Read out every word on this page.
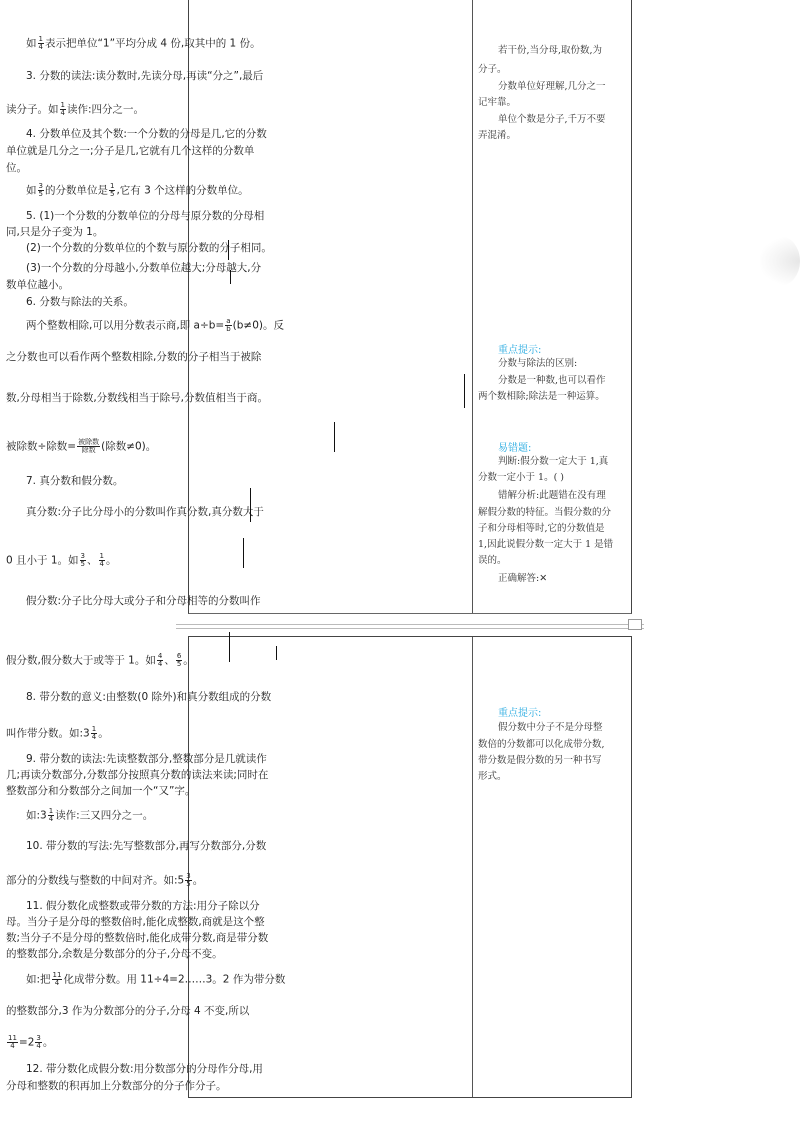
如 $\frac{1}{4}$ 表示把单位“1”平均分成 4 份,取其中的 1 份。
3. 分数的读法:读分数时,先读分母,再读“分之”,最后
读分子。如 $\frac{1}{4}$ 读作:四分之一。
4. 分数单位及其个数:一个分数的分母是几,它的分数
单位就是几分之一;分子是几,它就有几个这样的分数单
位。
如 $\frac{3}{5}$ 的分数单位是 $\frac{1}{5}$ ,它有 3 个这样的分数单位。
5. (1)一个分数的分数单位的分母与原分数的分母相
同,只是分子变为 1。
(2)一个分数的分数单位的个数与原分数的分子相同。
(3)一个分数的分母越小,分数单位越大;分母越大,分
数单位越小。
6. 分数与除法的关系。
两个整数相除,可以用分数表示商,即 $a\div b= \frac{a}{b} (b\ne 0)$。反
之分数也可以看作两个整数相除,分数的分子相当于被除
数,分母相当于除数,分数线相当于除号,分数值相当于商。
被除数÷除数= 被除数
除数 (除数≠0)。
7. 真分数和假分数。
真分数:分子比分母小的分数叫作真分数,真分数大于
0 且小于 1。如 $\frac{3}{5}$ 、 $\frac{1}{4}$ 。
假分数:分子比分母大或分子和分母相等的分数叫作
若干份,当分母,取份数,为
分子。
分数单位好理解,几分之一
记牢靠。
单位个数是分子,千万不要
弄混淆。
重点提示:
分数与除法的区别:
分数是一种数,也可以看作
两个数相除;除法是一种运算。
易错题:
判断:假分数一定大于 1,真
分数一定小于 1。( )
错解分析:此题错在没有理
解假分数的特征。当假分数的分
子和分母相等时,它的分数值是
1,因此说假分数一定大于 1 是错
误的。
正确解答:✕
假分数,假分数大于或等于 1。如 $\frac{4}{4}$ 、 $\frac{6}{5}$ 。
8. 带分数的意义:由整数(0 除外)和真分数组成的分数
叫作带分数。如:3 $\frac{1}{4}$ 。
9. 带分数的读法:先读整数部分,整数部分是几就读作
几;再读分数部分,分数部分按照真分数的读法来读;同时在
整数部分和分数部分之间加一个“又”字。
如:3 $\frac{1}{4}$ 读作:三又四分之一。
10. 带分数的写法:先写整数部分,再写分数部分,分数
部分的分数线与整数的中间对齐。如:5 $\frac{3}{5}$ 。
11. 假分数化成整数或带分数的方法:用分子除以分
母。当分子是分母的整数倍时,能化成整数,商就是这个整
数;当分子不是分母的整数倍时,能化成带分数,商是带分数
的整数部分,余数是分数部分的分子,分母不变。
如:把 $\frac{11}{4}$ 化成带分数。用 11÷4=2……3。2 作为带分数
的整数部分,3 作为分数部分的分子,分母 4 不变,所以
$\frac{11}{4} =2 \frac{3}{4}$ 。
12. 带分数化成假分数:用分数部分的分母作分母,用
分母和整数的积再加上分数部分的分子作分子。
重点提示:
假分数中分子不是分母整
数倍的分数都可以化成带分数,
带分数是假分数的另一种书写
形式。
